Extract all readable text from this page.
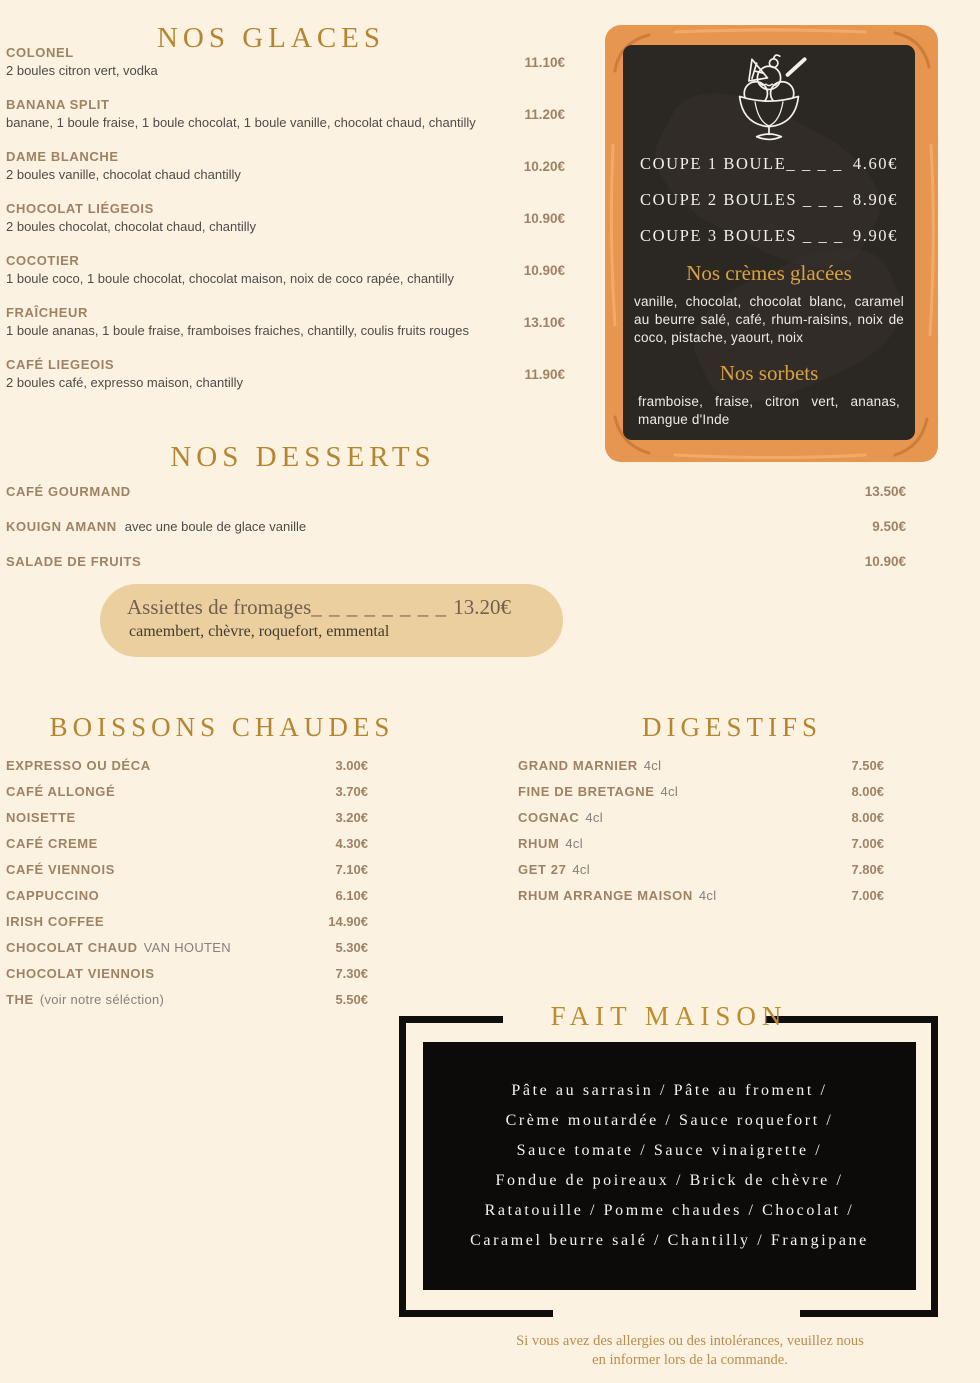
NOS GLACES
COLONEL
2 boules citron vert, vodka
11.10€
BANANA SPLIT
banane, 1 boule fraise, 1 boule chocolat, 1 boule vanille, chocolat chaud, chantilly
11.20€
DAME BLANCHE
2 boules vanille, chocolat chaud chantilly
10.20€
CHOCOLAT LIÉGEOIS
2 boules chocolat, chocolat chaud, chantilly
10.90€
COCOTIER
1 boule coco, 1 boule chocolat, chocolat maison, noix de coco rapée, chantilly
10.90€
FRAÎCHEUR
1 boule ananas, 1 boule fraise, framboises fraiches, chantilly, coulis fruits rouges
13.10€
CAFÉ LIEGEOIS
2 boules café, expresso maison, chantilly
11.90€
COUPE 1 BOULE _ _ _ _ 4.60€
COUPE 2 BOULES _ _ _ 8.90€
COUPE 3 BOULES _ _ _ 9.90€
Nos crèmes glacées
vanille, chocolat, chocolat blanc, caramel au beurre salé, café, rhum-raisins, noix de coco, pistache, yaourt, noix
Nos sorbets
framboise, fraise, citron vert, ananas, mangue d'Inde
NOS DESSERTS
CAFÉ GOURMAND	13.50€
KOUIGN AMANN avec une boule de glace vanille	9.50€
SALADE DE FRUITS	10.90€
Assiettes de fromages_ _ _ _ _ _ _ _ 13.20€
camembert, chèvre, roquefort, emmental
BOISSONS CHAUDES
EXPRESSO OU DÉCA	3.00€
CAFÉ ALLONGÉ	3.70€
NOISETTE	3.20€
CAFÉ CREME	4.30€
CAFÉ VIENNOIS	7.10€
CAPPUCCINO	6.10€
IRISH COFFEE	14.90€
CHOCOLAT CHAUD VAN HOUTEN	5.30€
CHOCOLAT VIENNOIS	7.30€
THE (voir notre séléction)	5.50€
DIGESTIFS
GRAND MARNIER 4cl	7.50€
FINE DE BRETAGNE 4cl	8.00€
COGNAC 4cl	8.00€
RHUM 4cl	7.00€
GET 27 4cl	7.80€
RHUM ARRANGE MAISON 4cl	7.00€
FAIT MAISON
Pâte au sarrasin / Pâte au froment /
Crème moutardée / Sauce roquefort /
Sauce tomate / Sauce vinaigrette /
Fondue de poireaux / Brick de chèvre /
Ratatouille / Pomme chaudes / Chocolat /
Caramel beurre salé / Chantilly / Frangipane
Si vous avez des allergies ou des intolérances, veuillez nous
en informer lors de la commande.
